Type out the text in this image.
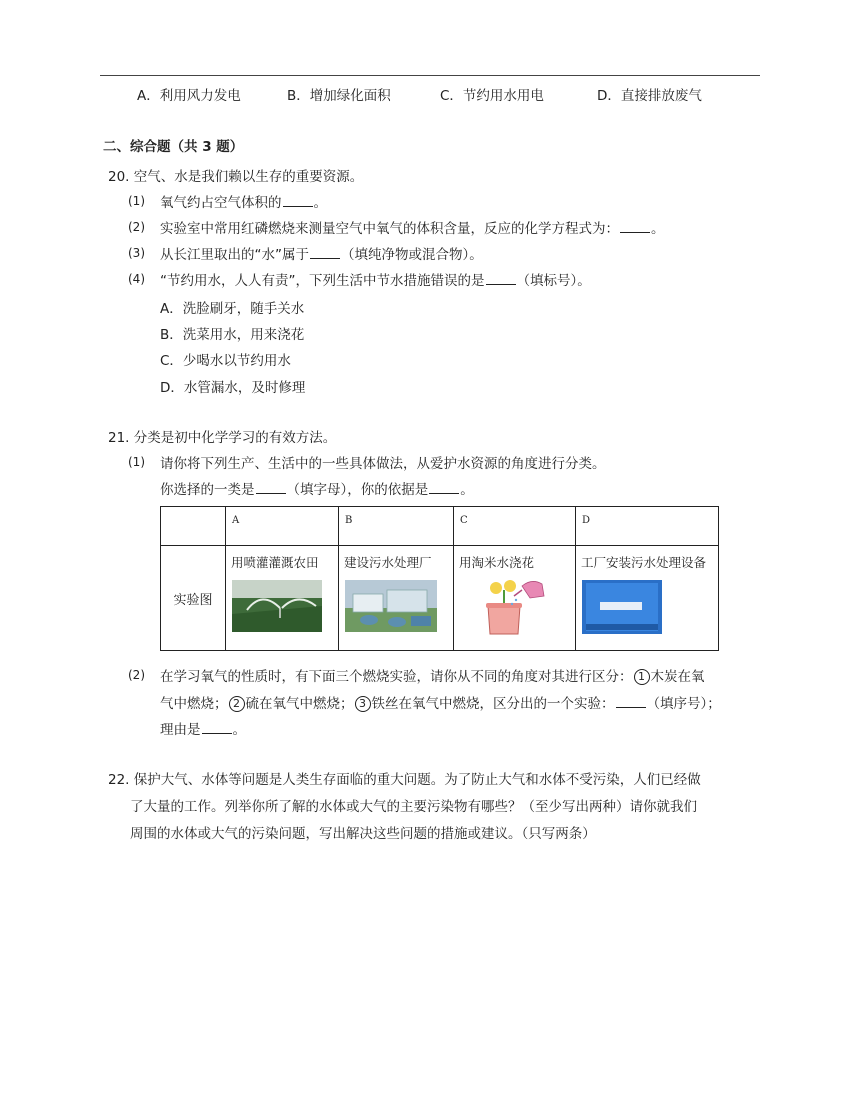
A．利用风力发电	B．增加绿化面积	C．节约用水用电	D．直接排放废气
二、综合题（共 3 题）
20. 空气、水是我们赖以生存的重要资源。
(1) 氧气约占空气体积的 。
(2) 实验室中常用红磷燃烧来测量空气中氧气的体积含量，反应的化学方程式为： 。
(3) 从长江里取出的“水”属于 （填纯净物或混合物）。
(4) “节约用水，人人有责”，下列生活中节水措施错误的是 （填标号）。
A．洗脸刷牙，随手关水
B．洗菜用水，用来浇花
C．少喝水以节约用水
D．水管漏水，及时修理
21. 分类是初中化学学习的有效方法。
(1) 请你将下列生产、生活中的一些具体做法，从爱护水资源的角度进行分类。
你选择的一类是 （填字母），你的依据是 。
	A	B	C	D
实验图	用喷灌灌溉农田	建设污水处理厂	用淘米水浇花	工厂安装污水处理设备
(2) 在学习氧气的性质时，有下面三个燃烧实验，请你从不同的角度对其进行区分： 1 木炭在氧
气中燃烧； 2 硫在氧气中燃烧； 3 铁丝在氧气中燃烧，区分出的一个实验： （填序号）；
理由是 。
22. 保护大气、水体等问题是人类生存面临的重大问题。为了防止大气和水体不受污染，人们已经做
了大量的工作。列举你所了解的水体或大气的主要污染物有哪些？（至少写出两种）请你就我们
周围的水体或大气的污染问题，写出解决这些问题的措施或建议。（只写两条）
